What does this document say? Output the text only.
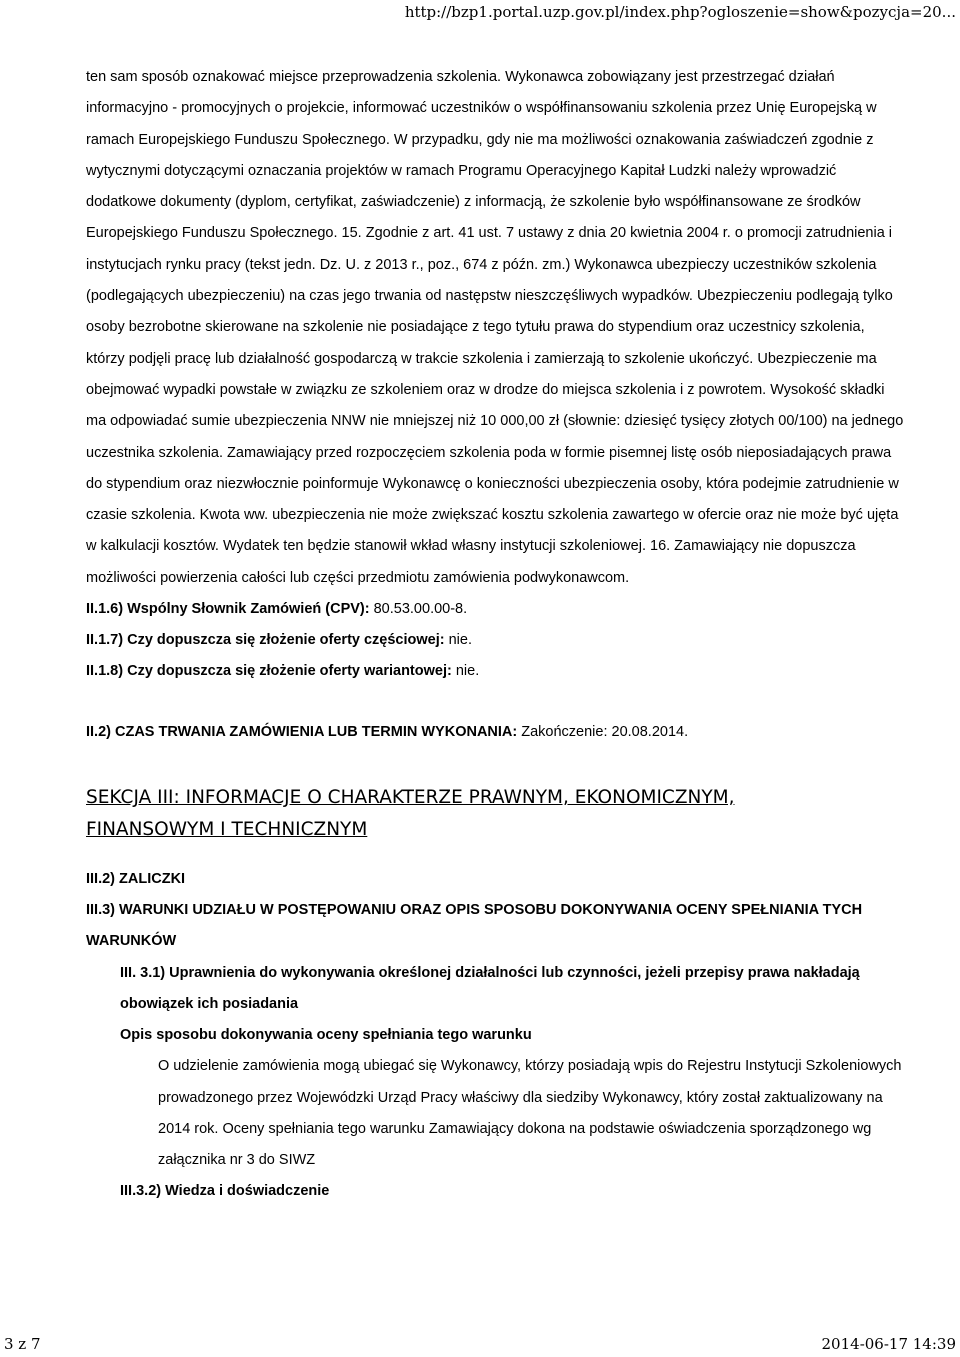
http://bzp1.portal.uzp.gov.pl/index.php?ogloszenie=show&pozycja=20...

ten sam sposób oznakować miejsce przeprowadzenia szkolenia. Wykonawca zobowiązany jest przestrzegać działań informacyjno - promocyjnych o projekcie, informować uczestników o współfinansowaniu szkolenia przez Unię Europejską w ramach Europejskiego Funduszu Społecznego. W przypadku, gdy nie ma możliwości oznakowania zaświadczeń zgodnie z wytycznymi dotyczącymi oznaczania projektów w ramach Programu Operacyjnego Kapitał Ludzki należy wprowadzić dodatkowe dokumenty (dyplom, certyfikat, zaświadczenie) z informacją, że szkolenie było współfinansowane ze środków Europejskiego Funduszu Społecznego. 15. Zgodnie z art. 41 ust. 7 ustawy z dnia 20 kwietnia 2004 r. o promocji zatrudnienia i instytucjach rynku pracy (tekst jedn. Dz. U. z 2013 r., poz., 674 z późn. zm.) Wykonawca ubezpieczy uczestników szkolenia (podlegających ubezpieczeniu) na czas jego trwania od następstw nieszczęśliwych wypadków. Ubezpieczeniu podlegają tylko osoby bezrobotne skierowane na szkolenie nie posiadające z tego tytułu prawa do stypendium oraz uczestnicy szkolenia, którzy podjęli pracę lub działalność gospodarczą w trakcie szkolenia i zamierzają to szkolenie ukończyć. Ubezpieczenie ma obejmować wypadki powstałe w związku ze szkoleniem oraz w drodze do miejsca szkolenia i z powrotem. Wysokość składki ma odpowiadać sumie ubezpieczenia NNW nie mniejszej niż 10 000,00 zł (słownie: dziesięć tysięcy złotych 00/100) na jednego uczestnika szkolenia. Zamawiający przed rozpoczęciem szkolenia poda w formie pisemnej listę osób nieposiadających prawa do stypendium oraz niezwłocznie poinformuje Wykonawcę o konieczności ubezpieczenia osoby, która podejmie zatrudnienie w czasie szkolenia. Kwota ww. ubezpieczenia nie może zwiększać kosztu szkolenia zawartego w ofercie oraz nie może być ujęta w kalkulacji kosztów. Wydatek ten będzie stanowił wkład własny instytucji szkoleniowej. 16. Zamawiający nie dopuszcza możliwości powierzenia całości lub części przedmiotu zamówienia podwykonawcom.

II.1.6) Wspólny Słownik Zamówień (CPV): 80.53.00.00-8.

II.1.7) Czy dopuszcza się złożenie oferty częściowej: nie.

II.1.8) Czy dopuszcza się złożenie oferty wariantowej: nie.

II.2) CZAS TRWANIA ZAMÓWIENIA LUB TERMIN WYKONANIA: Zakończenie: 20.08.2014.

SEKCJA III: INFORMACJE O CHARAKTERZE PRAWNYM, EKONOMICZNYM,
FINANSOWYM I TECHNICZNYM

III.2) ZALICZKI

III.3) WARUNKI UDZIAŁU W POSTĘPOWANIU ORAZ OPIS SPOSOBU DOKONYWANIA OCENY SPEŁNIANIA TYCH WARUNKÓW

III. 3.1) Uprawnienia do wykonywania określonej działalności lub czynności, jeżeli przepisy prawa nakładają obowiązek ich posiadania

Opis sposobu dokonywania oceny spełniania tego warunku

O udzielenie zamówienia mogą ubiegać się Wykonawcy, którzy posiadają wpis do Rejestru Instytucji Szkoleniowych prowadzonego przez Wojewódzki Urząd Pracy właściwy dla siedziby Wykonawcy, który został zaktualizowany na 2014 rok. Oceny spełniania tego warunku Zamawiający dokona na podstawie oświadczenia sporządzonego wg załącznika nr 3 do SIWZ

III.3.2) Wiedza i doświadczenie

3 z 7	2014-06-17 14:39
